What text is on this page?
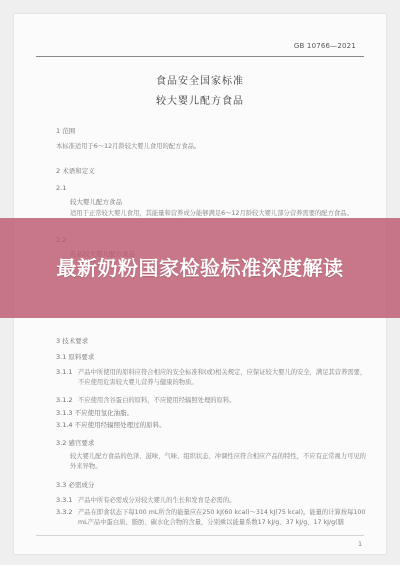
GB 10766—2021
食品安全国家标准
较大婴儿配方食品
1 范围
本标准适用于6～12月龄较大婴儿食用的配方食品。
2 术语和定义
2.1
较大婴儿配方食品
适用于正常较大婴儿食用，其能量和营养成分能够满足6～12月龄较大婴儿部分营养需要的配方食品。
3 技术要求
3.1 原料要求
3.1.1 产品中所使用的原料应符合相应的安全标准和(或)相关规定，应保证较大婴儿的安全，满足其营养需要，不应使用危害较大婴儿营养与健康的物质。
3.1.2 不应使用含谷蛋白的原料，不应使用经辐照处理的原料。
3.1.3 不应使用氢化油脂。
3.1.4 不应使用经辐照处理过的原料。
3.2 感官要求
较大婴儿配方食品的色泽、滋味、气味、组织状态、冲调性应符合相应产品的特性，不应有正常视力可见的外来异物。
3.3 必需成分
3.3.1 产品中所有必需成分对较大婴儿的生长和发育是必需的。
3.3.2 产品在即食状态下每100 mL所含的能量应在250 kJ(60 kcal)～314 kJ(75 kcal)。能量的计算按每100 mL产品中蛋白质、脂肪、碳水化合物的含量，分别乘以能量系数17 kJ/g、37 kJ/g、17 kJ/g(膳
1
最新奶粉国家检验标准深度解读
